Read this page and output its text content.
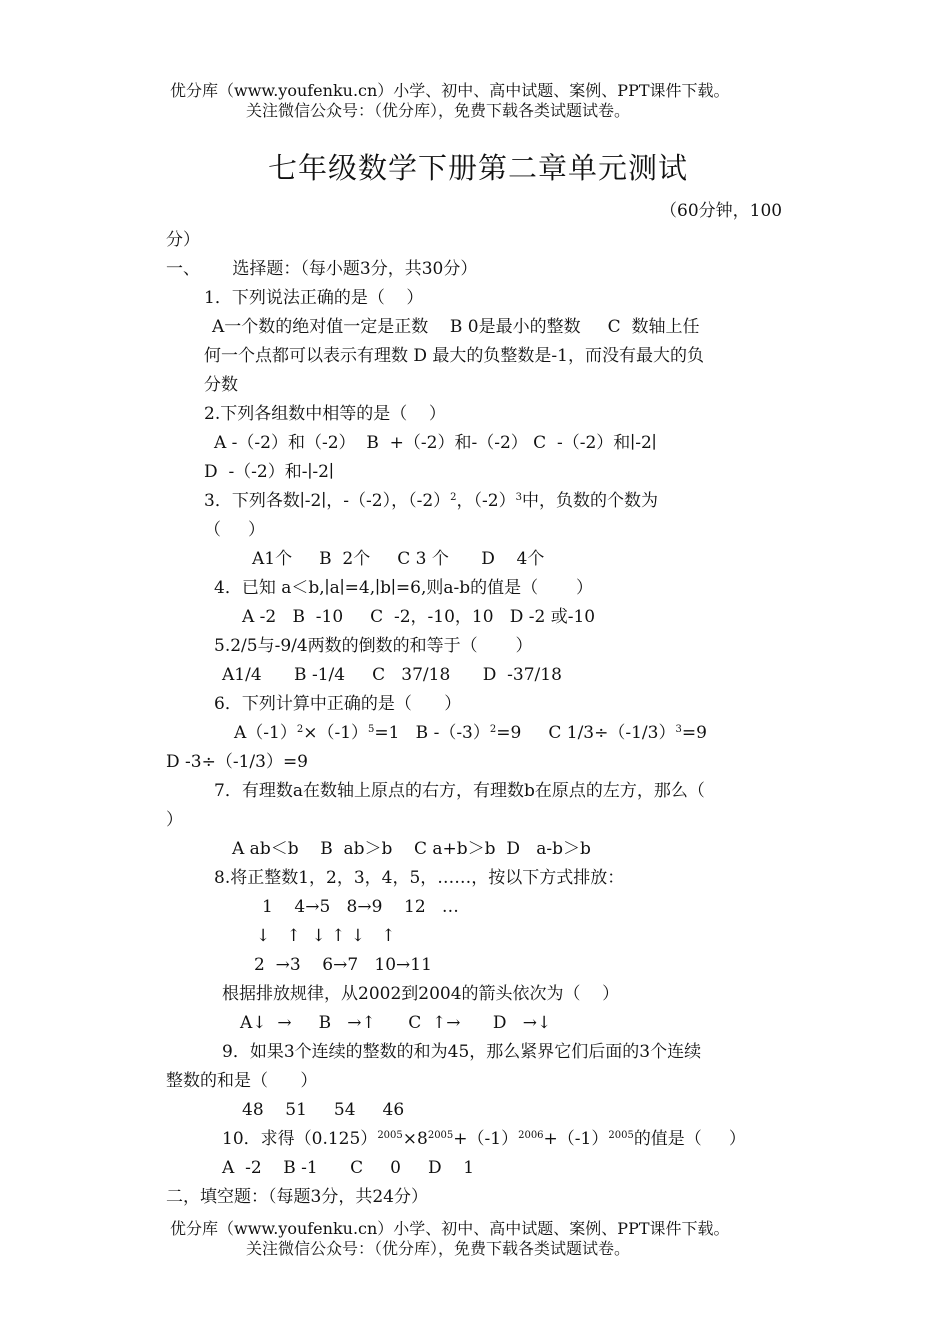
优分库（www.youfenku.cn）小学、初中、高中试题、案例、PPT课件下载。
关注微信公众号：（优分库），免费下载各类试题试卷。
七年级数学下册第二章单元测试
（60分钟，100
分）
一、      选择题：（每小题3分，共30分）
1．下列说法正确的是（    ）
A一个数的绝对值一定是正数    B 0是最小的整数     C  数轴上任
何一个点都可以表示有理数 D 最大的负整数是-1，而没有最大的负
分数
2.下列各组数中相等的是（    ）
A -（-2）和（-2）  B  +（-2）和-（-2） C  -（-2）和∣-2∣
D  -（-2）和-∣-2∣
3．下列各数∣-2∣，-（-2），$(-2)^2$，$(-2)^3$中，负数的个数为
（     ）
A1个     B  2个     C 3 个      D    4个
4．已知 a＜b,∣a∣=4,∣b∣=6,则a-b的值是（       ）
A -2   B  -10     C  -2，-10，10   D -2 或-10
5.2/5与-9/4两数的倒数的和等于（       ）
A1/4      B -1/4     C   37/18      D  -37/18
6．下列计算中正确的是（      ）
$A(-1)^2\times(-1)^5=1$   B $-(-3)^2=9$     C $1/3\div(-1/3)^3=9$
D -3÷（-1/3）=9
7．有理数a在数轴上原点的右方，有理数b在原点的左方，那么（
）
A ab＜b    B  ab＞b    C a+b＞b  D   a-b＞b
8.将正整数1，2，3，4，5，……，按以下方式排放：
1    4→5   8→9    12   …
↓   ↑  ↓ ↑ ↓   ↑
2  →3    6→7   10→11
根据排放规律，从2002到2004的箭头依次为（    ）
A↓  →     B   →↑      C  ↑→      D   →↓
9．如果3个连续的整数的和为45，那么紧界它们后面的3个连续
整数的和是（      ）
48    51     54     46
10．求得$(0.125)^{2005}\times 8^{2005}+(-1)^{2006}+(-1)^{2005}$的值是（     ）
A  -2    B -1      C     0     D    1
二，填空题：（每题3分，共24分）
优分库（www.youfenku.cn）小学、初中、高中试题、案例、PPT课件下载。
关注微信公众号：（优分库），免费下载各类试题试卷。
